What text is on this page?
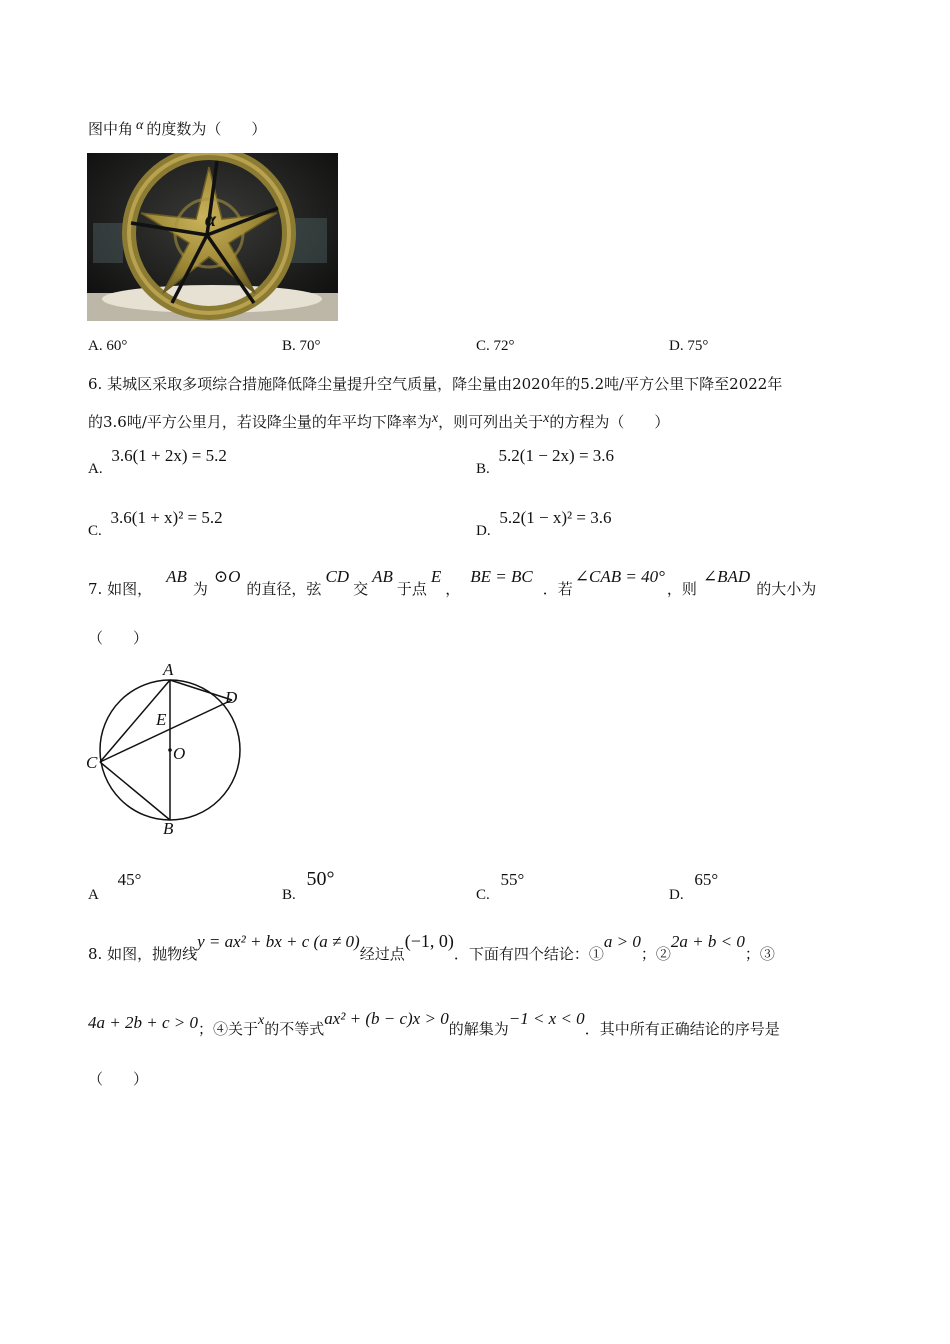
图中角 α 的度数为（　　）
α
A. 60°	B. 70°	C. 72°	D. 75°
6. 某城区采取多项综合措施降低降尘量提升空气质量，降尘量由2020年的5.2吨/平方公里下降至2022年
的3.6吨/平方公里月，若设降尘量的年平均下降率为x，则可列出关于x的方程为（　　）
A. 3.6(1 + 2x) = 5.2
B. 5.2(1 − 2x) = 3.6
C. 3.6(1 + x)² = 5.2
D. 5.2(1 − x)² = 3.6
7. 如图，AB为⊙O的直径，弦CD交AB于点E，BE = BC．若∠CAB = 40°，则∠BAD的大小为
（　　）
A
D
E
O
C
B
A 45°
B. 50°
C. 55°
D. 65°
8. 如图，抛物线y = ax² + bx + c (a ≠ 0)经过点(−1, 0)．下面有四个结论：①a > 0；②2a + b < 0；③
4a + 2b + c > 0；④关于x的不等式ax² + (b − c)x > 0的解集为−1 < x < 0．其中所有正确结论的序号是
（　　）
